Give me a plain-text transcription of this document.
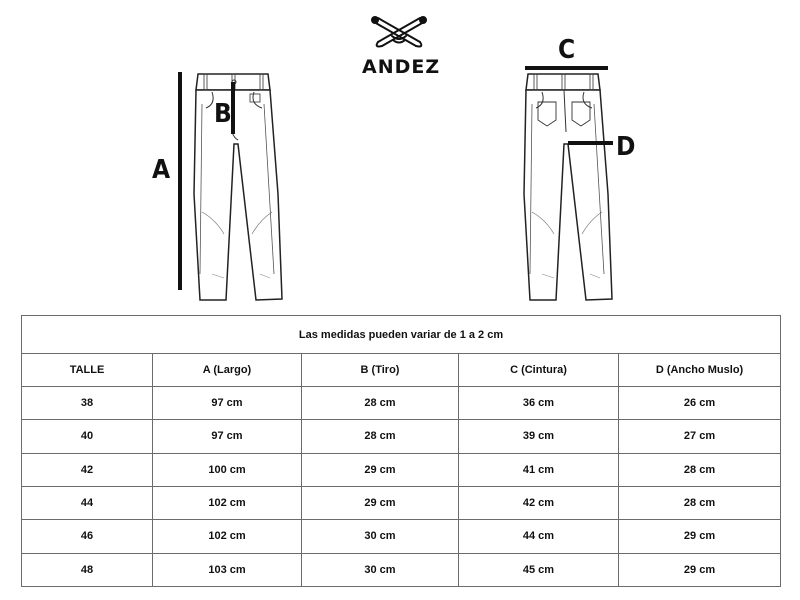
ANDEZ
A
B
C
D
Las medidas pueden variar de 1 a 2 cm				
TALLE	A (Largo)	B (Tiro)	C (Cintura)	D (Ancho Muslo)
38	97 cm	28 cm	36 cm	26 cm
40	97 cm	28 cm	39 cm	27 cm
42	100 cm	29 cm	41 cm	28 cm
44	102 cm	29 cm	42 cm	28 cm
46	102 cm	30 cm	44 cm	29 cm
48	103 cm	30 cm	45 cm	29 cm
